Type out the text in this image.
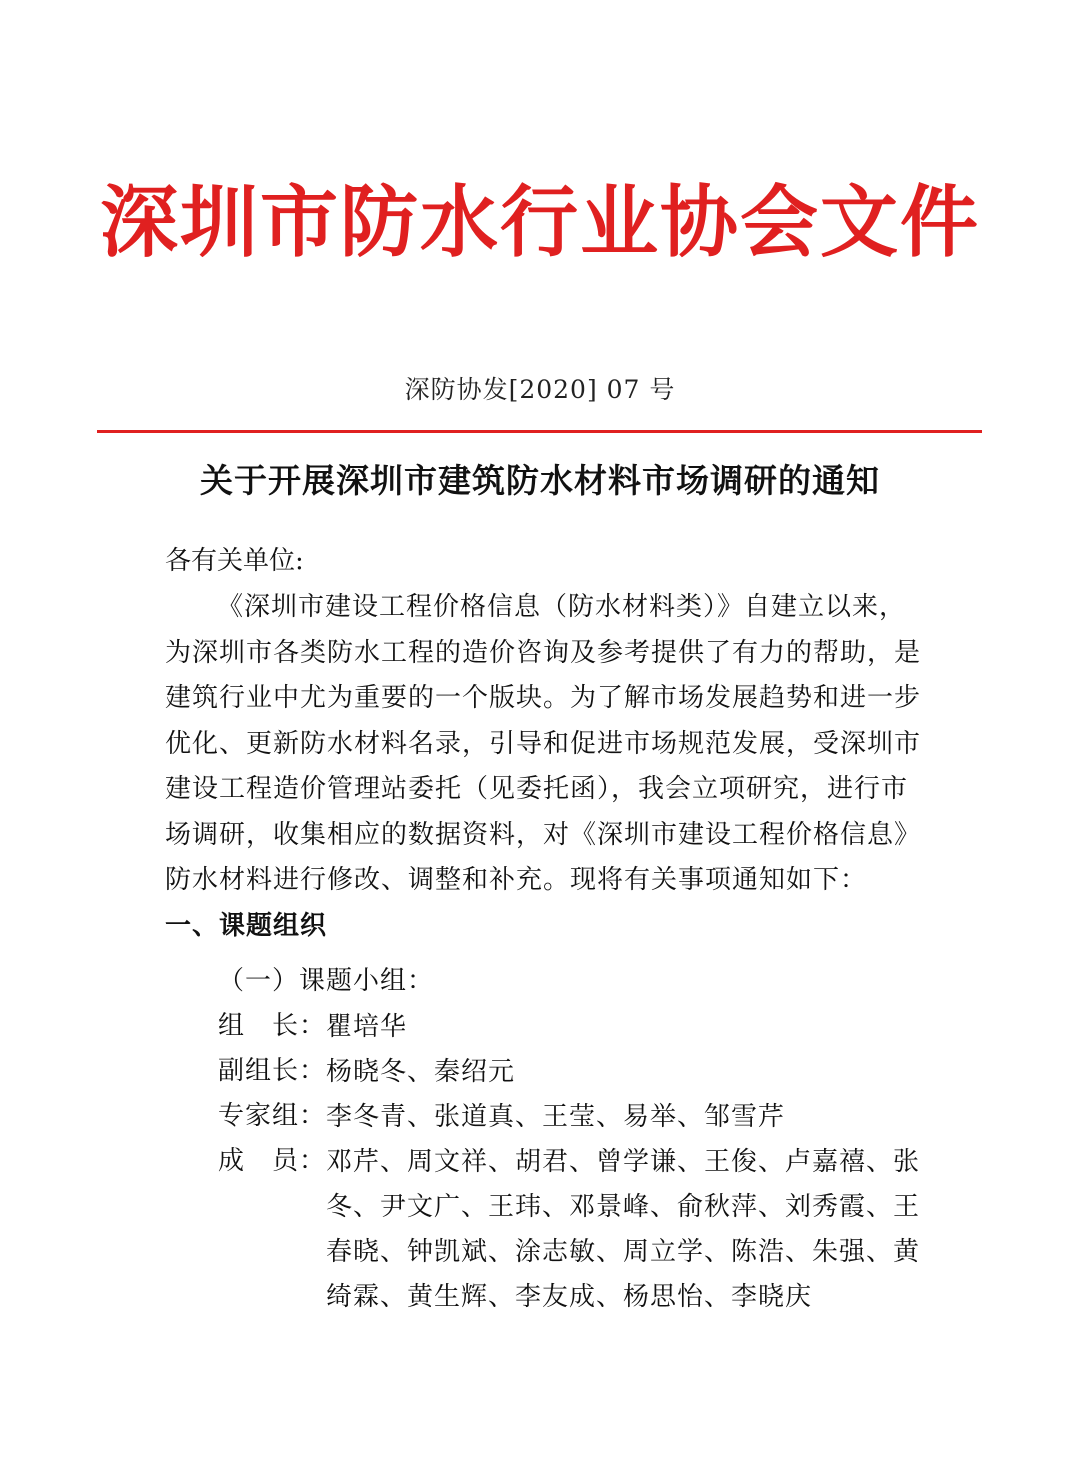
深圳市防水行业协会文件
深防协发[2020] 07 号
关于开展深圳市建筑防水材料市场调研的通知
各有关单位:
《深圳市建设工程价格信息（防水材料类）》自建立以来，为深圳市各类防水工程的造价咨询及参考提供了有力的帮助，是建筑行业中尤为重要的一个版块。为了解市场发展趋势和进一步优化、更新防水材料名录，引导和促进市场规范发展，受深圳市建设工程造价管理站委托（见委托函），我会立项研究，进行市场调研，收集相应的数据资料，对《深圳市建设工程价格信息》防水材料进行修改、调整和补充。现将有关事项通知如下：
一、课题组织
（一）课题小组：
组　长： 瞿培华
副组长： 杨晓冬、秦绍元
专家组： 李冬青、张道真、王莹、易举、邹雪芹
成　员： 邓芹、周文祥、胡君、曾学谦、王俊、卢嘉禧、张冬、尹文广、王玮、邓景峰、俞秋萍、刘秀霞、王春晓、钟凯斌、涂志敏、周立学、陈浩、朱强、黄绮霖、黄生辉、李友成、杨思怡、李晓庆
